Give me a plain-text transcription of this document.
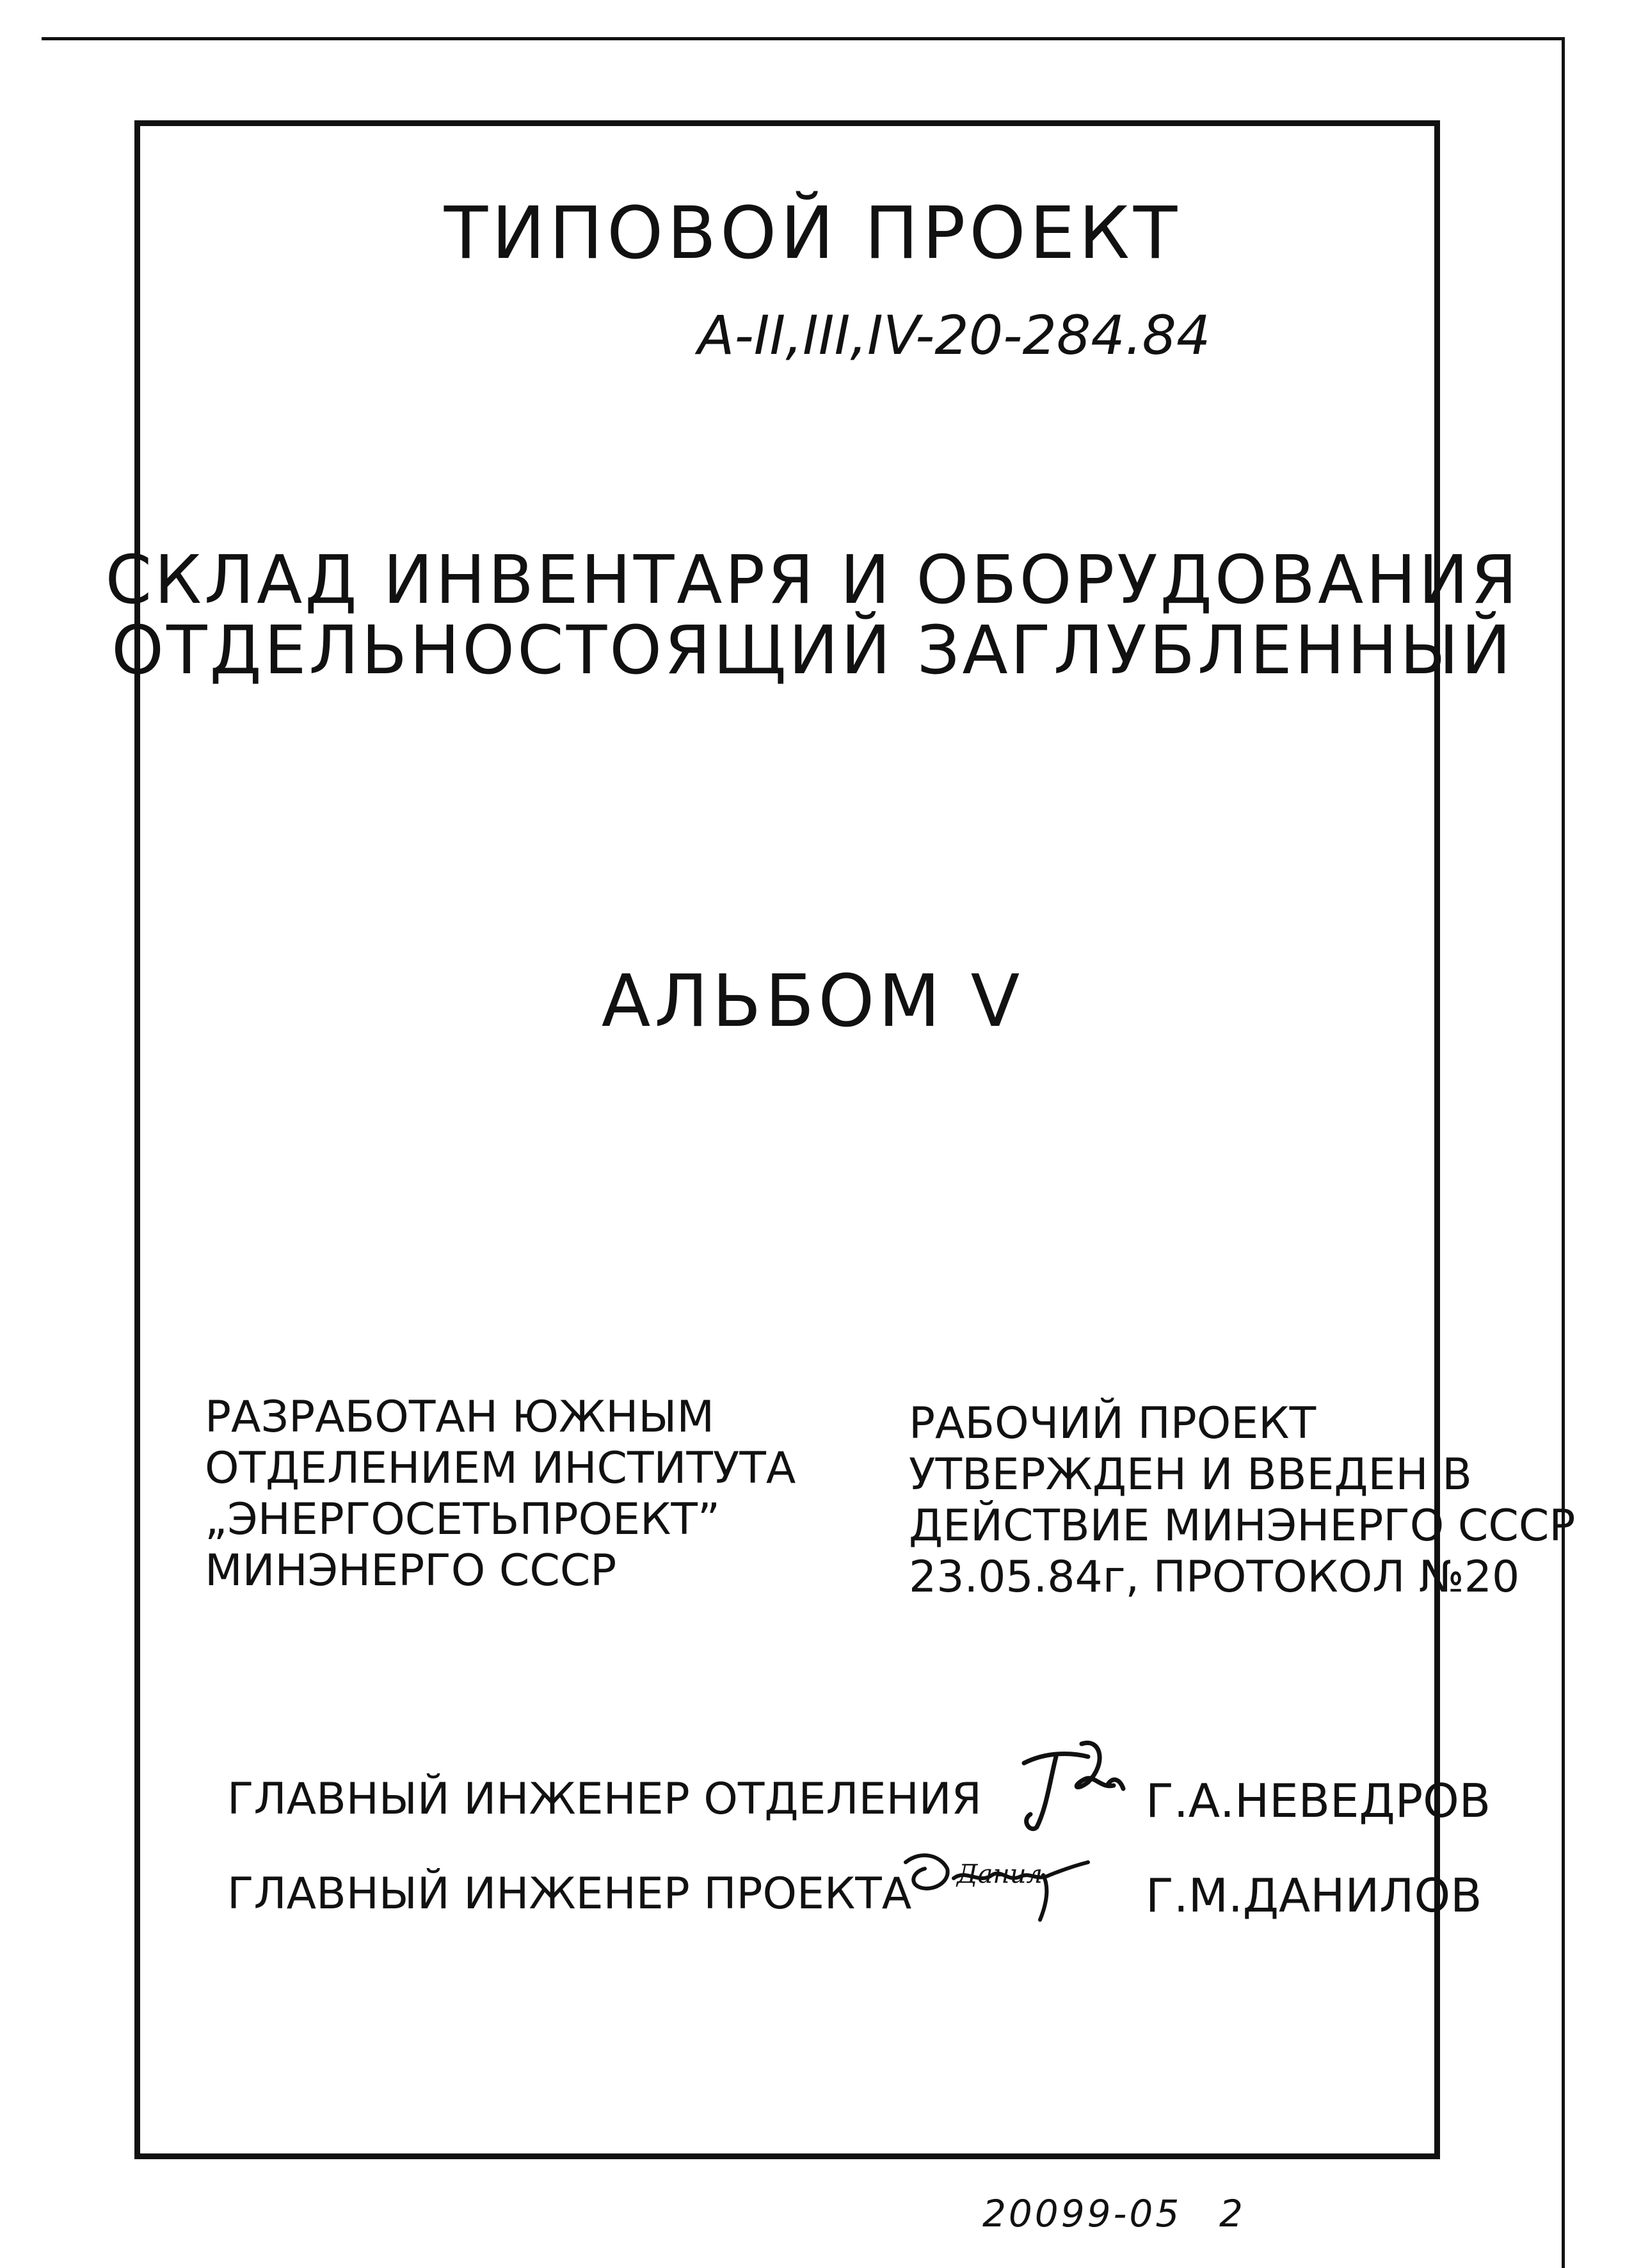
ТИПОВОЙ ПРОЕКТ
А-II,III,IV-20-284.84
СКЛАД ИНВЕНТАРЯ И ОБОРУДОВАНИЯ
ОТДЕЛЬНОСТОЯЩИЙ ЗАГЛУБЛЕННЫЙ
АЛЬБОМ V
РАЗРАБОТАН ЮЖНЫМ
ОТДЕЛЕНИЕМ ИНСТИТУТА
„ЭНЕРГОСЕТЬПРОЕКТ”
МИНЭНЕРГО СССР
РАБОЧИЙ ПРОЕКТ
УТВЕРЖДЕН И ВВЕДЕН В
ДЕЙСТВИЕ МИНЭНЕРГО СССР
23.05.84г, ПРОТОКОЛ №20
ГЛАВНЫЙ ИНЖЕНЕР ОТДЕЛЕНИЯ	Г.А.НЕВЕДРОВ
ГЛАВНЫЙ ИНЖЕНЕР ПРОЕКТА Данил Г.М.ДАНИЛОВ
20099-05 2
